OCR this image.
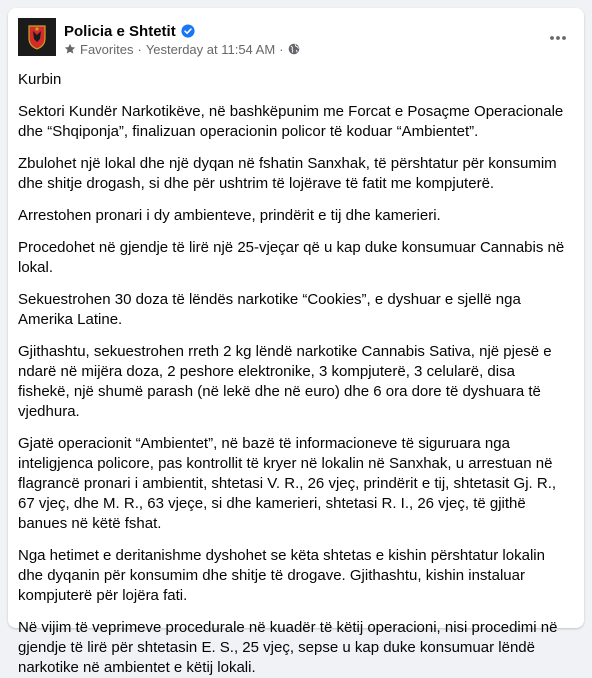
Policia e Shtetit
Favorites · Yesterday at 11:54 AM ·

Kurbin

Sektori Kundër Narkotikëve, në bashkëpunim me Forcat e Posaçme Operacionale dhe “Shqiponja”, finalizuan operacionin policor të koduar “Ambientet”.

Zbulohet një lokal dhe një dyqan në fshatin Sanxhak, të përshtatur për konsumim dhe shitje drogash, si dhe për ushtrim të lojërave të fatit me kompjuterë.

Arrestohen pronari i dy ambienteve, prindërit e tij dhe kamerieri.

Procedohet në gjendje të lirë një 25-vjeçar që u kap duke konsumuar Cannabis në lokal.

Sekuestrohen 30 doza të lëndës narkotike “Cookies”, e dyshuar e sjellë nga Amerika Latine.

Gjithashtu, sekuestrohen rreth 2 kg lëndë narkotike Cannabis Sativa, një pjesë e ndarë në mijëra doza, 2 peshore elektronike, 3 kompjuterë, 3 celularë, disa fishekë, një shumë parash (në lekë dhe në euro) dhe 6 ora dore të dyshuara të vjedhura.

Gjatë operacionit “Ambientet”, në bazë të informacioneve të siguruara nga inteligjenca policore, pas kontrollit të kryer në lokalin në Sanxhak, u arrestuan në flagrancë pronari i ambientit, shtetasi V. R., 26 vjeç, prindërit e tij, shtetasit Gj. R., 67 vjeç, dhe M. R., 63 vjeçe, si dhe kamerieri, shtetasi R. I., 26 vjeç, të gjithë banues në këtë fshat.

Nga hetimet e deritanishme dyshohet se këta shtetas e kishin përshtatur lokalin dhe dyqanin për konsumim dhe shitje të drogave. Gjithashtu, kishin instaluar kompjuterë për lojëra fati.

Në vijim të veprimeve procedurale në kuadër të këtij operacioni, nisi procedimi në gjendje të lirë për shtetasin E. S., 25 vjeç, sepse u kap duke konsumuar lëndë narkotike në ambientet e këtij lokali.
